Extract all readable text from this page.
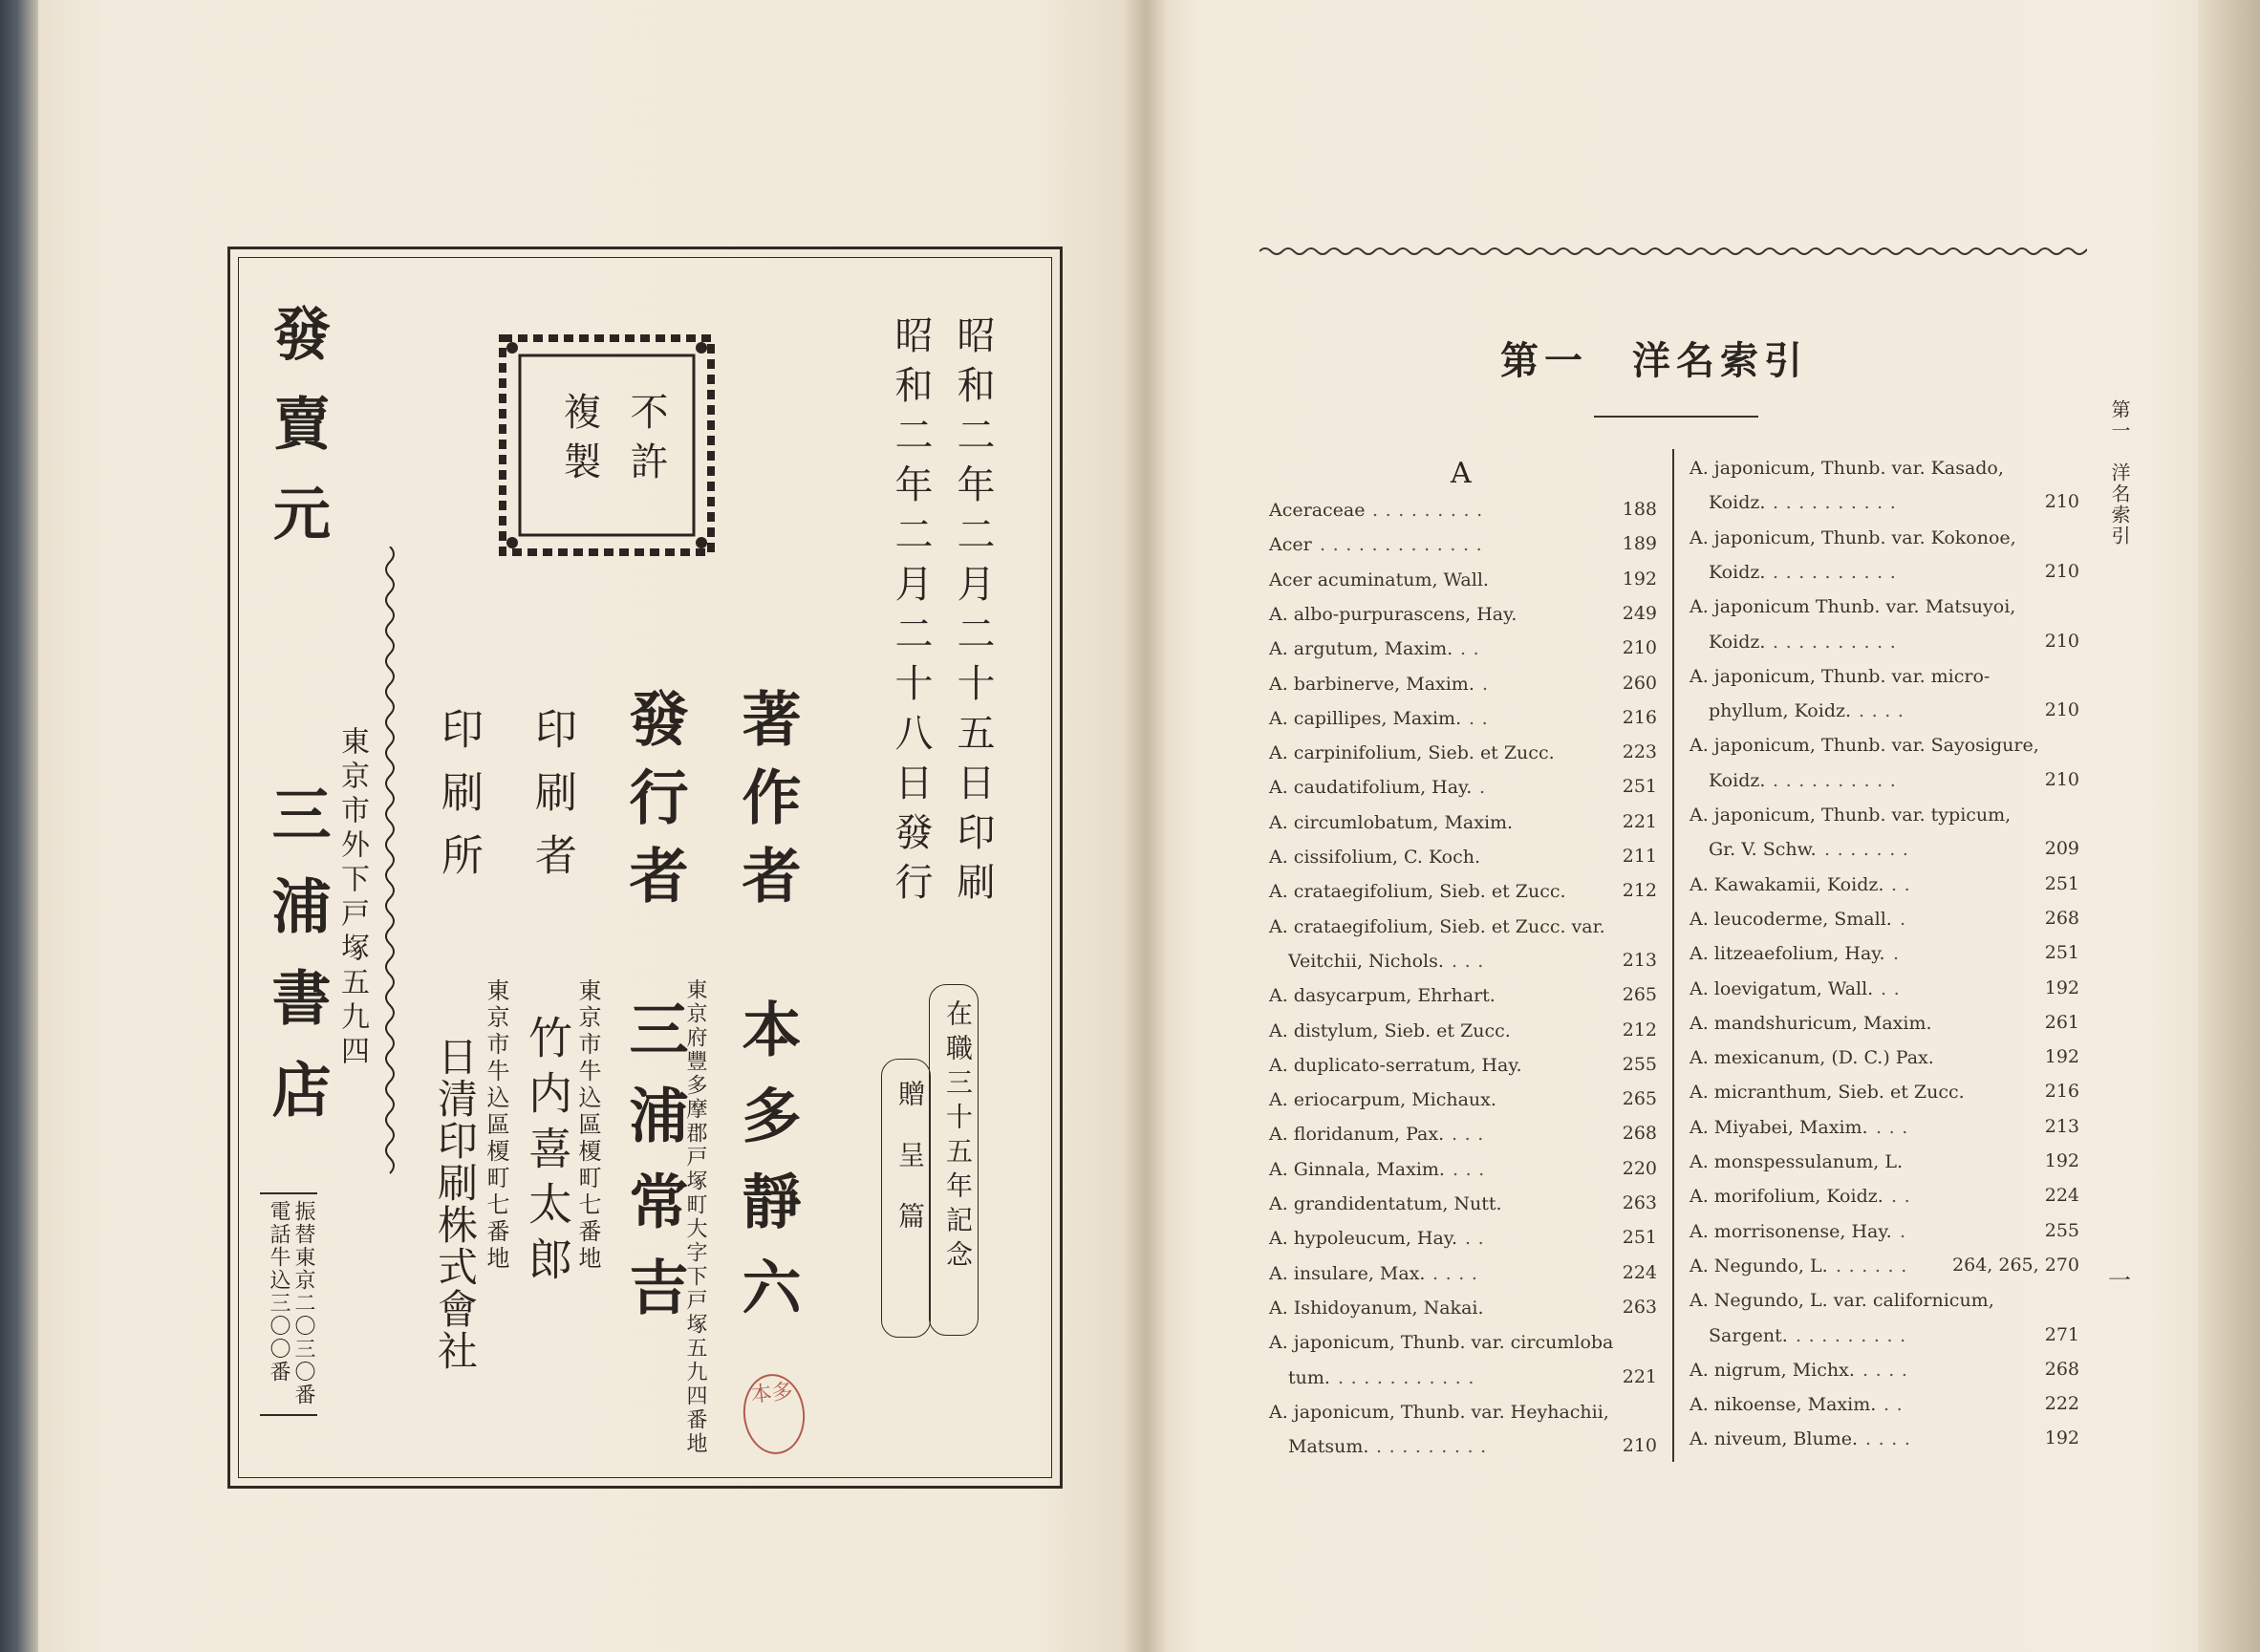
昭和二年二月二十五日印刷
昭和二年二月二十八日發行
不許
複製
在職三十五年記念
贈呈篇
著作者
本多靜六
本多
東京府豐多摩郡戸塚町大字下戸塚五九四番地
發行者
三浦常吉
印刷者
東京市牛込區榎町七番地
竹内喜太郎
印刷所
東京市牛込區榎町七番地
日清印刷株式會社
發賣元
東京市外下戸塚五九四
三浦書店
振替東京二〇三〇番
電話牛込三〇〇番
第一　洋名索引
A
Aceraceae .........	188
Acer .............	189
Acer acuminatum, Wall.	192
A. albo-purpurascens, Hay.	249
A. argutum, Maxim. ..	210
A. barbinerve, Maxim. .	260
A. capillipes, Maxim. ..	216
A. carpinifolium, Sieb. et Zucc.	223
A. caudatifolium, Hay. .	251
A. circumlobatum, Maxim.	221
A. cissifolium, C. Koch.	211
A. crataegifolium, Sieb. et Zucc.	212
A. crataegifolium, Sieb. et Zucc. var.
Veitchii, Nichols. ...	213
A. dasycarpum, Ehrhart.	265
A. distylum, Sieb. et Zucc.	212
A. duplicato-serratum, Hay.	255
A. eriocarpum, Michaux.	265
A. floridanum, Pax. ...	268
A. Ginnala, Maxim. ...	220
A. grandidentatum, Nutt.	263
A. hypoleucum, Hay. ..	251
A. insulare, Max. ....	224
A. Ishidoyanum, Nakai.	263
A. japonicum, Thunb. var. circumloba
tum. ...........	221
A. japonicum, Thunb. var. Heyhachii,
Matsum. .........	210
A. japonicum, Thunb. var. Kasado,
Koidz. ..........	210
A. japonicum, Thunb. var. Kokonoe,
Koidz. ..........	210
A. japonicum Thunb. var. Matsuyoi,
Koidz. ..........	210
A. japonicum, Thunb. var. micro-
phyllum, Koidz. ....	210
A. japonicum, Thunb. var. Sayosigure,
Koidz. ..........	210
A. japonicum, Thunb. var. typicum,
Gr. V. Schw. .......	209
A. Kawakamii, Koidz. ..	251
A. leucoderme, Small. .	268
A. litzeaefolium, Hay. .	251
A. loevigatum, Wall. ..	192
A. mandshuricum, Maxim.	261
A. mexicanum, (D. C.) Pax.	192
A. micranthum, Sieb. et Zucc.	216
A. Miyabei, Maxim. ...	213
A. monspessulanum, L.	192
A. morifolium, Koidz. ..	224
A. morrisonense, Hay. .	255
A. Negundo, L. ......	264, 265, 270
A. Negundo, L. var. californicum,
Sargent. .........	271
A. nigrum, Michx. ....	268
A. nikoense, Maxim. ..	222
A. niveum, Blume. ....	192
第一　洋名索引
一
